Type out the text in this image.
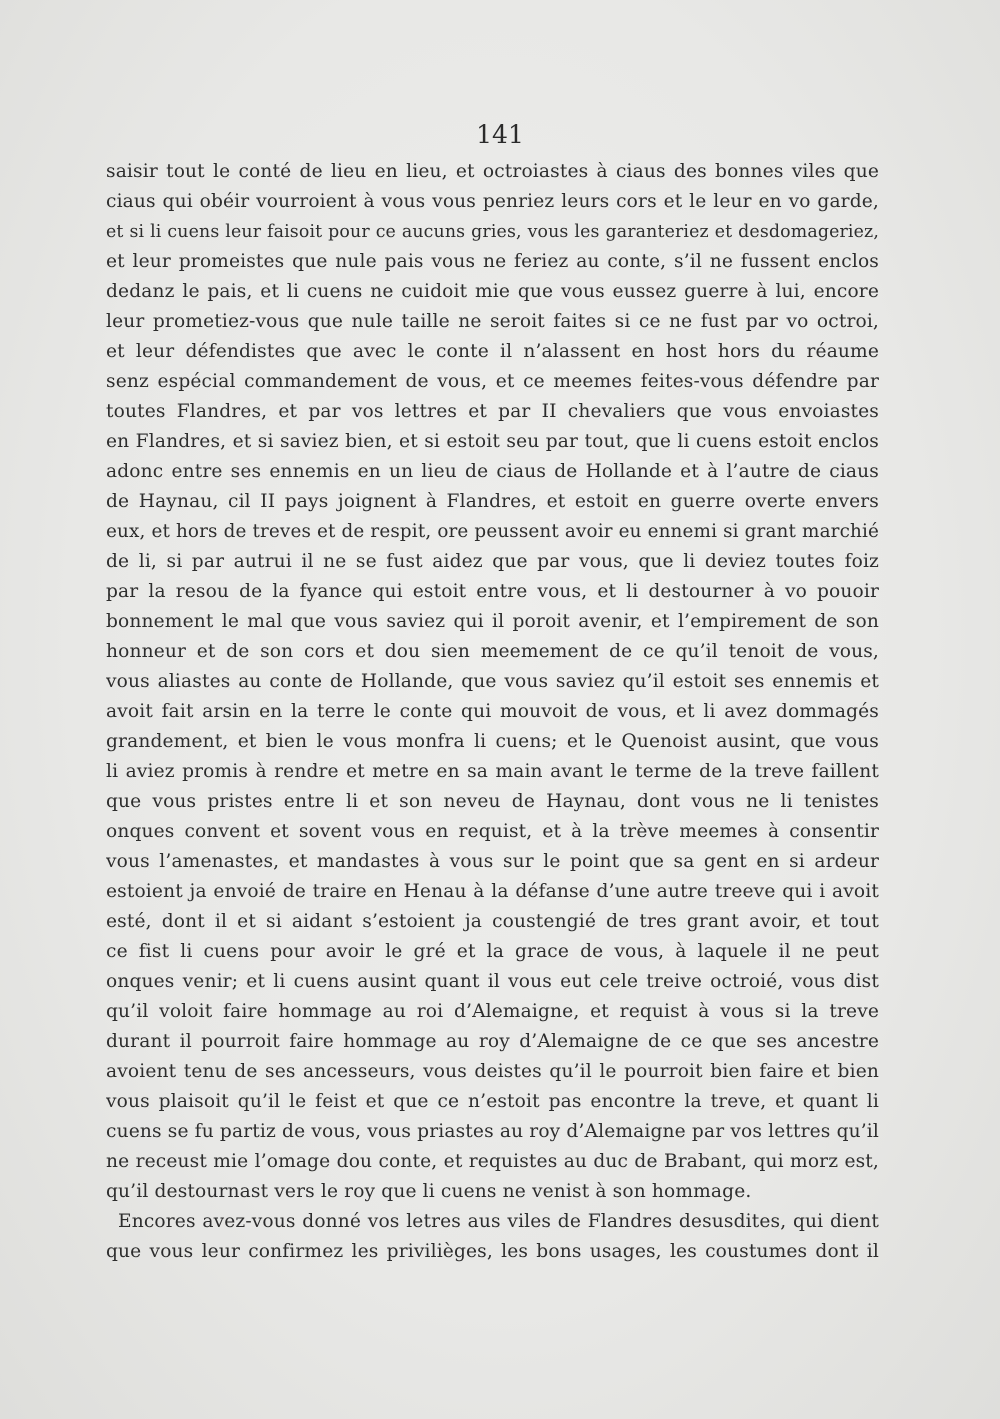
141
saisir tout le conté de lieu en lieu, et octroiastes à ciaus des bonnes viles que
ciaus qui obéir vourroient à vous vous penriez leurs cors et le leur en vo garde,
et si li cuens leur faisoit pour ce aucuns gries, vous les garanteriez et desdomageriez,
et leur promeistes que nule pais vous ne feriez au conte, s’il ne fussent enclos
dedanz le pais, et li cuens ne cuidoit mie que vous eussez guerre à lui, encore
leur prometiez-vous que nule taille ne seroit faites si ce ne fust par vo octroi,
et leur défendistes que avec le conte il n’alassent en host hors du réaume
senz espécial commandement de vous, et ce meemes feites-vous défendre par
toutes Flandres, et par vos lettres et par II chevaliers que vous envoiastes
en Flandres, et si saviez bien, et si estoit seu par tout, que li cuens estoit enclos
adonc entre ses ennemis en un lieu de ciaus de Hollande et à l’autre de ciaus
de Haynau, cil II pays joignent à Flandres, et estoit en guerre overte envers
eux, et hors de treves et de respit, ore peussent avoir eu ennemi si grant marchié
de li, si par autrui il ne se fust aidez que par vous, que li deviez toutes foiz
par la resou de la fyance qui estoit entre vous, et li destourner à vo pouoir
bonnement le mal que vous saviez qui il poroit avenir, et l’empirement de son
honneur et de son cors et dou sien meemement de ce qu’il tenoit de vous,
vous aliastes au conte de Hollande, que vous saviez qu’il estoit ses ennemis et
avoit fait arsin en la terre le conte qui mouvoit de vous, et li avez dommagés
grandement, et bien le vous monfra li cuens; et le Quenoist ausint, que vous
li aviez promis à rendre et metre en sa main avant le terme de la treve faillent
que vous pristes entre li et son neveu de Haynau, dont vous ne li tenistes
onques convent et sovent vous en requist, et à la trève meemes à consentir
vous l’amenastes, et mandastes à vous sur le point que sa gent en si ardeur
estoient ja envoié de traire en Henau à la défanse d’une autre treeve qui i avoit
esté, dont il et si aidant s’estoient ja coustengié de tres grant avoir, et tout
ce fist li cuens pour avoir le gré et la grace de vous, à laquele il ne peut
onques venir; et li cuens ausint quant il vous eut cele treive octroié, vous dist
qu’il voloit faire hommage au roi d’Alemaigne, et requist à vous si la treve
durant il pourroit faire hommage au roy d’Alemaigne de ce que ses ancestre
avoient tenu de ses ancesseurs, vous deistes qu’il le pourroit bien faire et bien
vous plaisoit qu’il le feist et que ce n’estoit pas encontre la treve, et quant li
cuens se fu partiz de vous, vous priastes au roy d’Alemaigne par vos lettres qu’il
ne receust mie l’omage dou conte, et requistes au duc de Brabant, qui morz est,
qu’il destournast vers le roy que li cuens ne venist à son hommage.
Encores avez-vous donné vos letres aus viles de Flandres desusdites, qui dient
que vous leur confirmez les privilièges, les bons usages, les coustumes dont il
